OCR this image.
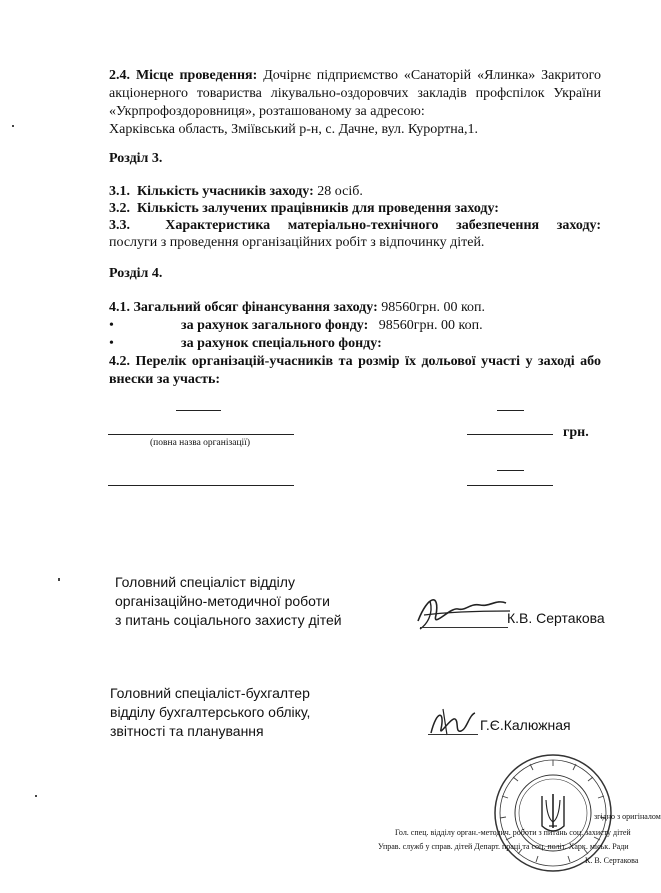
2.4. Місце проведення: Дочірнє підприємство «Санаторій «Ялинка» Закритого акціонерного товариства лікувально-оздоровчих закладів профспілок України «Укрпрофоздоровниця», розташованому за адресою:
Харківська область, Зміївський р-н, с. Дачне, вул. Курортна,1.
Розділ 3.
3.1. Кількість учасників заходу: 28 осіб.
3.2. Кількість залучених працівників для проведення заходу:
3.3.	Характеристика матеріально-технічного забезпечення заходу:
послуги з проведення організаційних робіт з відпочинку дітей.
Розділ 4.
4.1. Загальний обсяг фінансування заходу: 98560грн. 00 коп.
•	за рахунок загального фонду: 98560грн. 00 коп.
•	за рахунок спеціального фонду:
4.2. Перелік організацій-учасників та розмір їх дольової участі у заході або внески за участь:
(повна назва організації)
грн.
Головний спеціаліст відділу
організаційно-методичної роботи
з питань соціального захисту дітей	К.В. Сертакова
Головний спеціаліст-бухгалтер
відділу бухгалтерського обліку,
звітності та планування	Г.Є.Калюжная
згідно з оригіналом
Гол. спец. відділу орган.-методич. роботи з питань соц. захисту дітей
Управ. служб у справ. дітей Департ. праці та соц. політ. Харк. міськ. Ради
К. В. Сертакова
